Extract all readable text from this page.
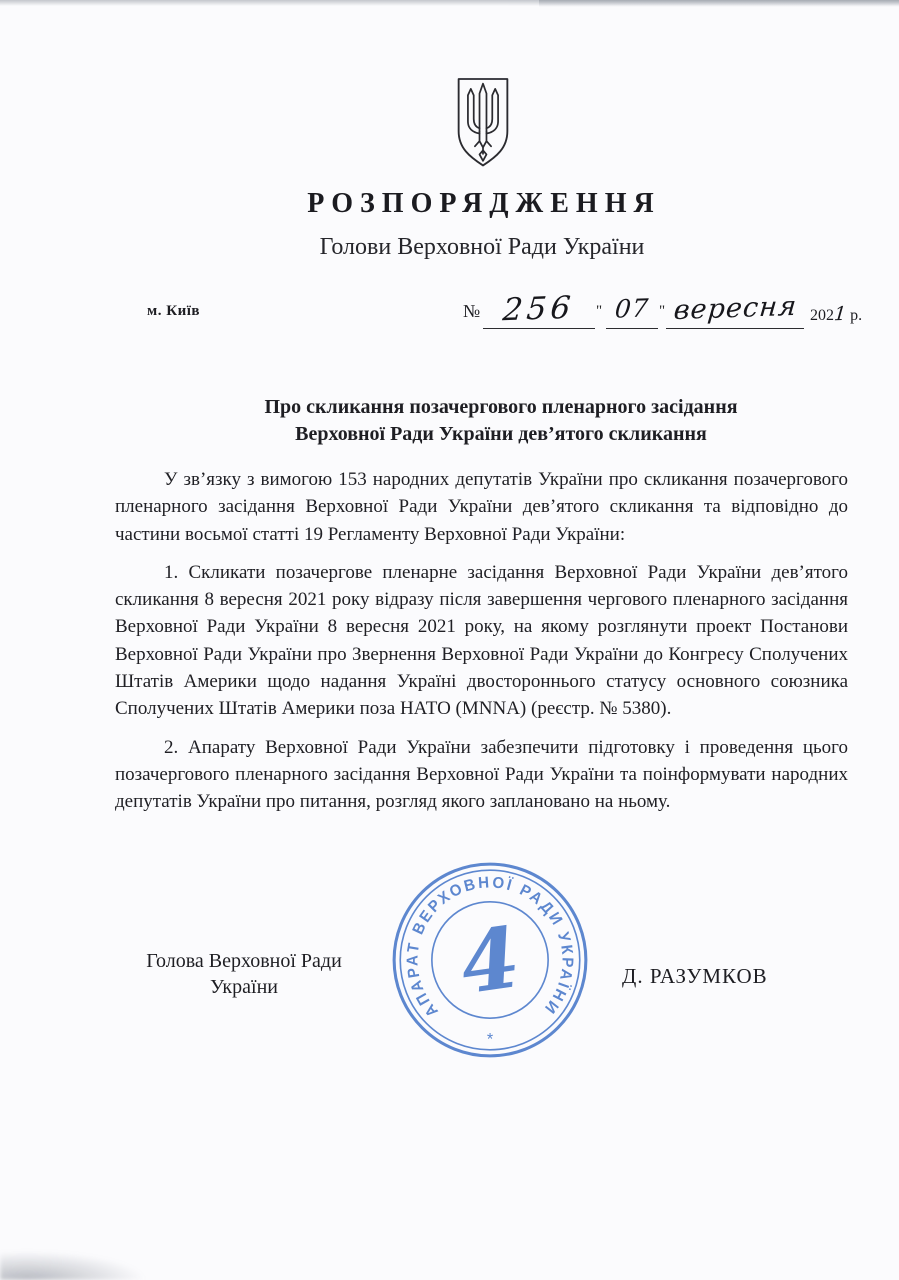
РОЗПОРЯДЖЕННЯ
Голови Верховної Ради України
м. Київ	№ 256	" 07 " вересня 2021 р.
Про скликання позачергового пленарного засідання
Верховної Ради України дев’ятого скликання

У зв’язку з вимогою 153 народних депутатів України про скликання позачергового пленарного засідання Верховної Ради України дев’ятого скликання та відповідно до частини восьмої статті 19 Регламенту Верховної Ради України:

1. Скликати позачергове пленарне засідання Верховної Ради України дев’ятого скликання 8 вересня 2021 року відразу після завершення чергового пленарного засідання Верховної Ради України 8 вересня 2021 року, на якому розглянути проект Постанови Верховної Ради України про Звернення Верховної Ради України до Конгресу Сполучених Штатів Америки щодо надання Україні двостороннього статусу основного союзника Сполучених Штатів Америки поза НАТО (MNNA) (реєстр. № 5380).

2. Апарату Верховної Ради України забезпечити підготовку і проведення цього позачергового пленарного засідання Верховної Ради України та поінформувати народних депутатів України про питання, розгляд якого заплановано на ньому.

Голова Верховної Ради
України	Д. РАЗУМКОВ
АПАРАТ ВЕРХОВНОЇ РАДИ УКРАЇНИ
4
*
